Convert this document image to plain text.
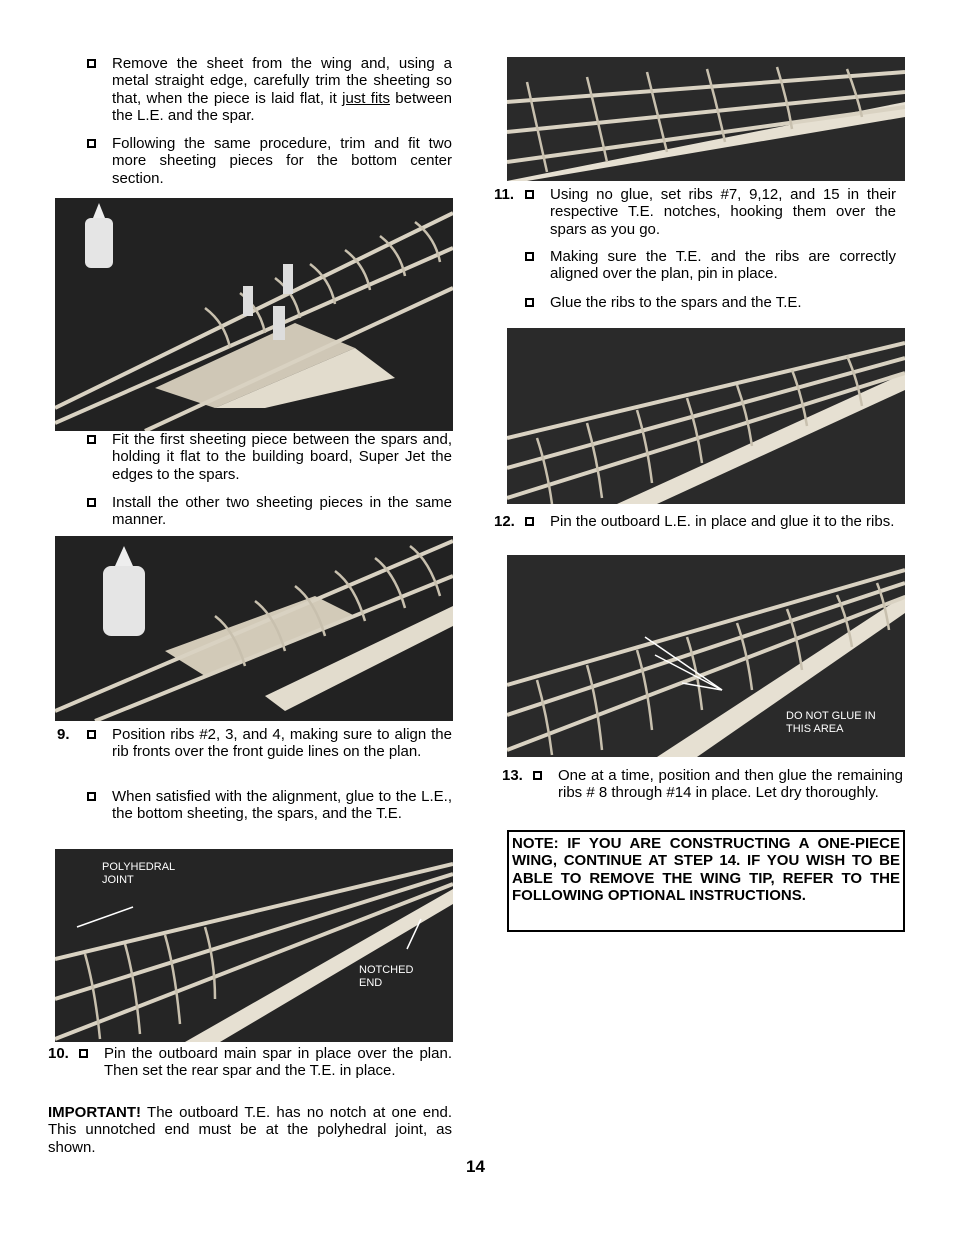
Remove the sheet from the wing and, using a metal straight edge, carefully trim the sheeting so that, when the piece is laid flat, it just fits between the L.E. and the spar.
Following the same procedure, trim and fit two more sheeting pieces for the bottom center section.
Fit the first sheeting piece between the spars and, holding it flat to the building board, Super Jet the edges to the spars.
Install the other two sheeting pieces in the same manner.
9.	Position ribs #2, 3, and 4, making sure to align the rib fronts over the front guide lines on the plan.
When satisfied with the alignment, glue to the L.E., the bottom sheeting, the spars, and the T.E.
POLYHEDRAL JOINT
NOTCHED END
10. Pin the outboard main spar in place over the plan. Then set the rear spar and the T.E. in place.
IMPORTANT! The outboard T.E. has no notch at one end. This unnotched end must be at the polyhedral joint, as shown.
11. Using no glue, set ribs #7, 9,12, and 15 in their respective T.E. notches, hooking them over the spars as you go.
Making sure the T.E. and the ribs are correctly aligned over the plan, pin in place.
Glue the ribs to the spars and the T.E.
12. Pin the outboard L.E. in place and glue it to the ribs.
DO NOT GLUE IN THIS AREA
13. One at a time, position and then glue the remaining ribs # 8 through #14 in place. Let dry thoroughly.
NOTE: IF YOU ARE CONSTRUCTING A ONE-PIECE WING, CONTINUE AT STEP 14. IF YOU WISH TO BE ABLE TO REMOVE THE WING TIP, REFER TO THE FOLLOWING OPTIONAL INSTRUCTIONS.
14
